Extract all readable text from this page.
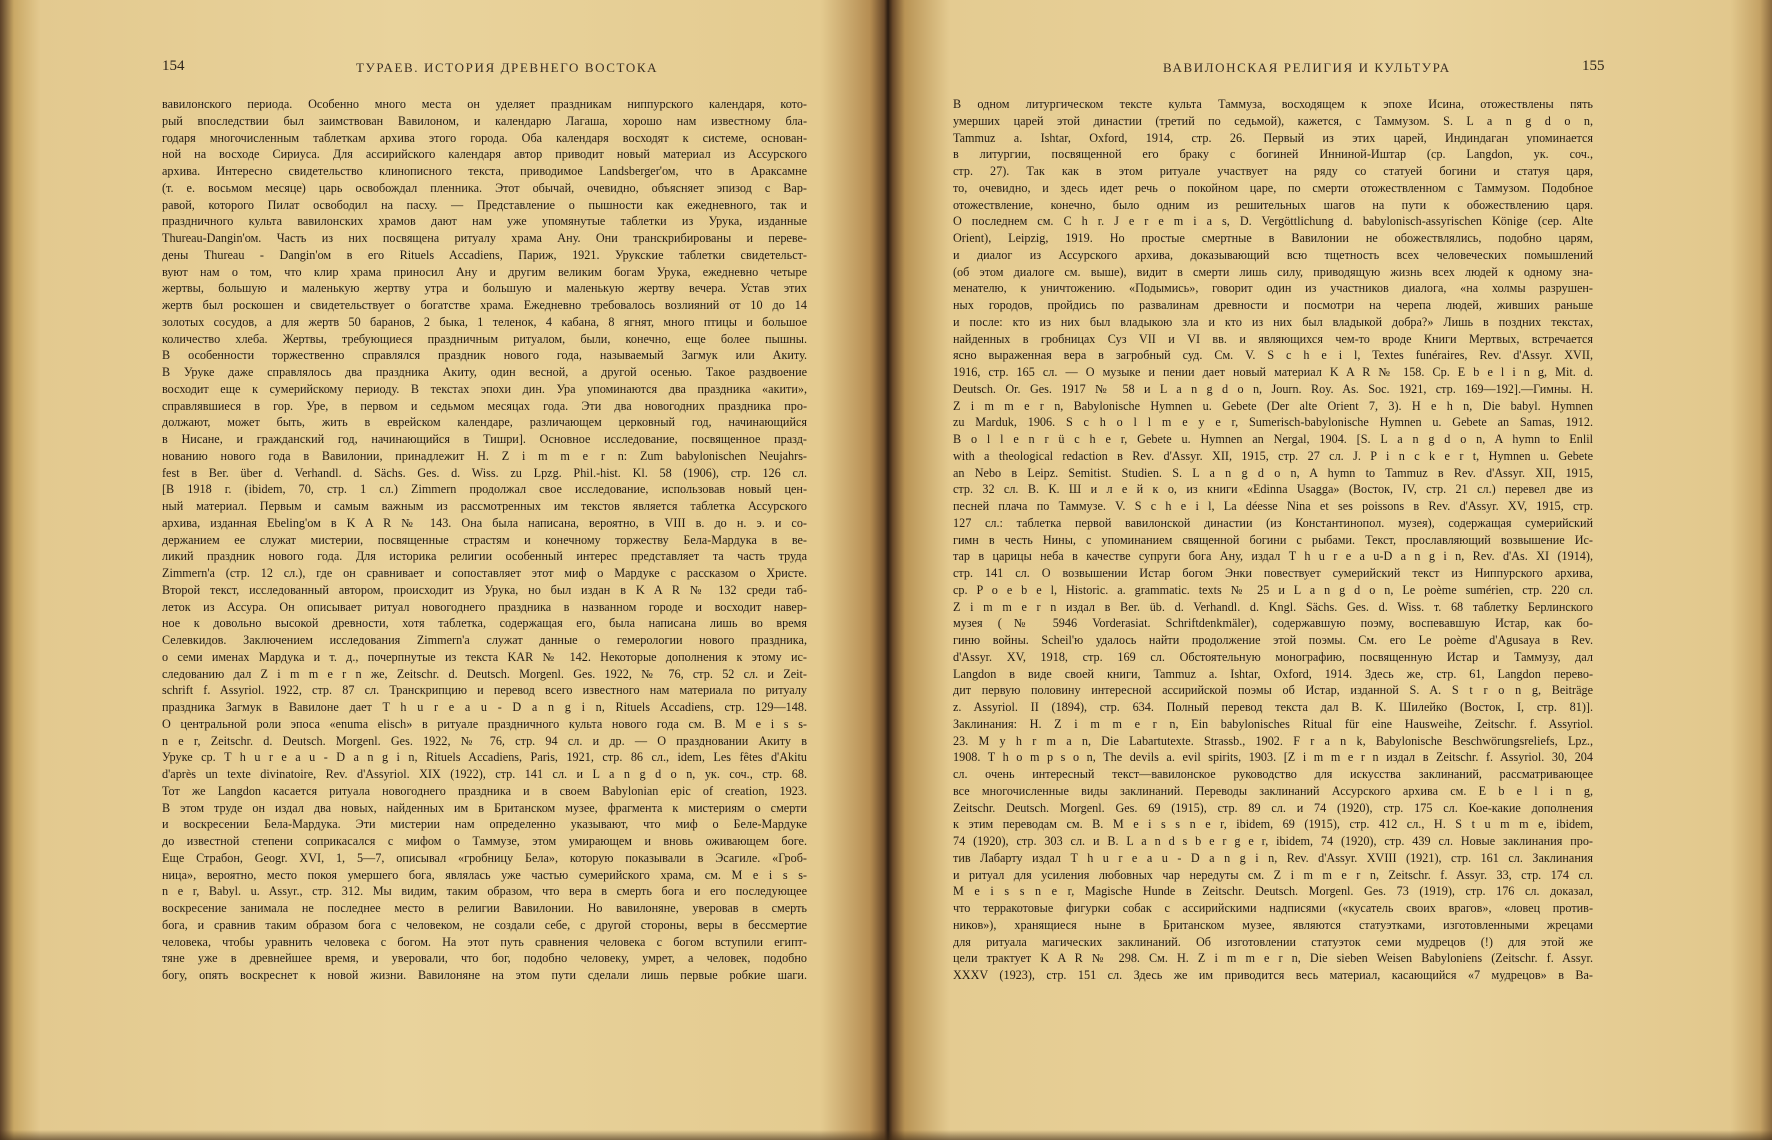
154	ТУРАЕВ. ИСТОРИЯ ДРЕВНЕГО ВОСТОКА
вавилонского периода. Особенно много места он уделяет праздникам ниппурского календаря, кото-
рый впоследствии был заимствован Вавилоном, и календарю Лагаша, хорошо нам известному бла-
годаря многочисленным таблеткам архива этого города. Оба календаря восходят к системе, основан-
ной на восходе Сириуса. Для ассирийского календаря автор приводит новый материал из Ассурского
архива. Интересно свидетельство клинописного текста, приводимое Landsberger'ом, что в Араксамне
(т. е. восьмом месяце) царь освобождал пленника. Этот обычай, очевидно, объясняет эпизод с Вар-
равой, которого Пилат освободил на пасху. — Представление о пышности как ежедневного, так и
праздничного культа вавилонских храмов дают нам уже упомянутые таблетки из Урука, изданные
Thureau-Dangin'ом. Часть из них посвящена ритуалу храма Ану. Они транскрибированы и переве-
дены Thureau - Dangin'ом в его Rituels Accadiens, Париж, 1921. Урукские таблетки свидетельст-
вуют нам о том, что клир храма приносил Ану и другим великим богам Урука, ежедневно четыре
жертвы, большую и маленькую жертву утра и большую и маленькую жертву вечера. Устав этих
жертв был роскошен и свидетельствует о богатстве храма. Ежедневно требовалось возлияний от 10 до 14
золотых сосудов, а для жертв 50 баранов, 2 быка, 1 теленок, 4 кабана, 8 ягнят, много птицы и большое
количество хлеба. Жертвы, требующиеся праздничным ритуалом, были, конечно, еще более пышны.
В особенности торжественно справлялся праздник нового года, называемый Загмук или Акиту.
В Уруке даже справлялось два праздника Акиту, один весной, а другой осенью. Такое раздвоение
восходит еще к сумерийскому периоду. В текстах эпохи дин. Ура упоминаются два праздника «акити»,
справлявшиеся в гор. Уре, в первом и седьмом месяцах года. Эти два новогодних праздника про-
должают, может быть, жить в еврейском календаре, различающем церковный год, начинающийся
в Нисане, и гражданский год, начинающийся в Тишри]. Основное исследование, посвященное празд-
нованию нового года в Вавилонии, принадлежит H. Z i m m e r n: Zum babylonischen Neujahrs-
fest в Ber. über d. Verhandl. d. Sächs. Ges. d. Wiss. zu Lpzg. Phil.-hist. Kl. 58 (1906), стр. 126 сл.
[В 1918 г. (ibidem, 70, стр. 1 сл.) Zimmern продолжал свое исследование, использовав новый цен-
ный материал. Первым и самым важным из рассмотренных им текстов является таблетка Ассурского
архива, изданная Ebeling'ом в K A R № 143. Она была написана, вероятно, в VIII в. до н. э. и со-
держанием ее служат мистерии, посвященные страстям и конечному торжеству Бела-Мардука в ве-
ликий праздник нового года. Для историка религии особенный интерес представляет та часть труда
Zimmern'а (стр. 12 сл.), где он сравнивает и сопоставляет этот миф о Мардуке с рассказом о Христе.
Второй текст, исследованный автором, происходит из Урука, но был издан в K A R № 132 среди таб-
леток из Ассура. Он описывает ритуал новогоднего праздника в названном городе и восходит навер-
ное к довольно высокой древности, хотя таблетка, содержащая его, была написана лишь во время
Селевкидов. Заключением исследования Zimmern'а служат данные о гемерологии нового праздника,
о семи именах Мардука и т. д., почерпнутые из текста KAR № 142. Некоторые дополнения к этому ис-
следованию дал Z i m m e r n же, Zeitschr. d. Deutsch. Morgenl. Ges. 1922, № 76, стр. 52 сл. и Zeit-
schrift f. Assyriol. 1922, стр. 87 сл. Транскрипцию и перевод всего известного нам материала по ритуалу
праздника Загмук в Вавилоне дает T h u r e a u - D a n g i n, Rituels Accadiens, стр. 129—148.
О центральной роли эпоса «enuma elisch» в ритуале праздничного культа нового года см. B. M e i s s-
n e r, Zeitschr. d. Deutsch. Morgenl. Ges. 1922, № 76, стр. 94 сл. и др. — О праздновании Акиту в
Уруке ср. T h u r e a u - D a n g i n, Rituels Accadiens, Paris, 1921, стр. 86 сл., idem, Les fêtes d'Akitu
d'après un texte divinatoire, Rev. d'Assyriol. XIX (1922), стр. 141 сл. и L a n g d o n, ук. соч., стр. 68.
Тот же Langdon касается ритуала новогоднего праздника и в своем Babylonian epic of creation, 1923.
В этом труде он издал два новых, найденных им в Британском музее, фрагмента к мистериям о смерти
и воскресении Бела-Мардука. Эти мистерии нам определенно указывают, что миф о Беле-Мардуке
до известной степени соприкасался с мифом о Таммузе, этом умирающем и вновь оживающем боге.
Еще Страбон, Geogr. XVI, 1, 5—7, описывал «гробницу Бела», которую показывали в Эсагиле. «Гроб-
ница», вероятно, место покоя умершего бога, являлась уже частью сумерийского храма, см. M e i s s-
n e r, Babyl. u. Assyr., стр. 312. Мы видим, таким образом, что вера в смерть бога и его последующее
воскресение занимала не последнее место в религии Вавилонии. Но вавилоняне, уверовав в смерть
бога, и сравнив таким образом бога с человеком, не создали себе, с другой стороны, веры в бессмертие
человека, чтобы уравнить человека с богом. На этот путь сравнения человека с богом вступили египт-
тяне уже в древнейшее время, и уверовали, что бог, подобно человеку, умрет, а человек, подобно
богу, опять воскреснет к новой жизни. Вавилоняне на этом пути сделали лишь первые робкие шаги.
ВАВИЛОНСКАЯ РЕЛИГИЯ И КУЛЬТУРА	155
В одном литургическом тексте культа Таммуза, восходящем к эпохе Исина, отожествлены пять
умерших царей этой династии (третий по седьмой), кажется, с Таммузом. S. L a n g d o n,
Tammuz a. Ishtar, Oxford, 1914, стр. 26. Первый из этих царей, Индиндаган упоминается
в литургии, посвященной его браку с богиней Инниной-Иштар (ср. Langdon, ук. соч.,
стр. 27). Так как в этом ритуале участвует на ряду со статуей богини и статуя царя,
то, очевидно, и здесь идет речь о покойном царе, по смерти отожествленном с Таммузом. Подобное
отожествление, конечно, было одним из решительных шагов на пути к обожествлению царя.
О последнем см. C h r. J e r e m i a s, D. Vergöttlichung d. babylonisch-assyrischen Könige (сер. Alte
Orient), Leipzig, 1919. Но простые смертные в Вавилонии не обожествлялись, подобно царям,
и диалог из Ассурского архива, доказывающий всю тщетность всех человеческих помышлений
(об этом диалоге см. выше), видит в смерти лишь силу, приводящую жизнь всех людей к одному зна-
менателю, к уничтожению. «Подымись», говорит один из участников диалога, «на холмы разрушен-
ных городов, пройдись по развалинам древности и посмотри на черепа людей, живших раньше
и после: кто из них был владыкою зла и кто из них был владыкой добра?» Лишь в поздних текстах,
найденных в гробницах Суз VII и VI вв. и являющихся чем-то вроде Книги Мертвых, встречается
ясно выраженная вера в загробный суд. См. V. S c h e i l, Textes funéraires, Rev. d'Assyr. XVII,
1916, стр. 165 сл. — О музыке и пении дает новый материал K A R № 158. Ср. E b e l i n g, Mit. d.
Deutsch. Or. Ges. 1917 № 58 и L a n g d o n, Journ. Roy. As. Soc. 1921, стр. 169—192].—Гимны. H.
Z i m m e r n, Babylonische Hymnen u. Gebete (Der alte Orient 7, 3). H e h n, Die babyl. Hymnen
zu Marduk, 1906. S c h o l l m e y e r, Sumerisch-babylonische Hymnen u. Gebete an Samas, 1912.
B o l l e n r ü c h e r, Gebete u. Hymnen an Nergal, 1904. [S. L a n g d o n, A hymn to Enlil
with a theological redaction в Rev. d'Assyr. XII, 1915, стр. 27 сл. J. P i n c k e r t, Hymnen u. Gebete
an Nebo в Leipz. Semitist. Studien. S. L a n g d o n, A hymn to Tammuz в Rev. d'Assyr. XII, 1915,
стр. 32 сл. В. К. Ш и л е й к о, из книги «Edinna Usagga» (Восток, IV, стр. 21 сл.) перевел две из
песней плача по Таммузе. V. S c h e i l, La déesse Nina et ses poissons в Rev. d'Assyr. XV, 1915, стр.
127 сл.: таблетка первой вавилонской династии (из Константинопол. музея), содержащая сумерийский
гимн в честь Нины, с упоминанием священной богини с рыбами. Текст, прославляющий возвышение Ис-
тар в царицы неба в качестве супруги бога Ану, издал T h u r e a u-D a n g i n, Rev. d'As. XI (1914),
стр. 141 сл. О возвышении Истар богом Энки повествует сумерийский текст из Ниппурского архива,
ср. P o e b e l, Historic. a. grammatic. texts № 25 и L a n g d o n, Le poème sumérien, стр. 220 сл.
Z i m m e r n издал в Ber. üb. d. Verhandl. d. Kngl. Sächs. Ges. d. Wiss. т. 68 таблетку Берлинского
музея (№ 5946 Vorderasiat. Schriftdenkmäler), содержавшую поэму, воспевавшую Истар, как бо-
гиню войны. Scheil'ю удалось найти продолжение этой поэмы. См. его Le poème d'Agusaya в Rev.
d'Assyr. XV, 1918, стр. 169 сл. Обстоятельную монографию, посвященную Истар и Таммузу, дал
Langdon в виде своей книги, Tammuz a. Ishtar, Oxford, 1914. Здесь же, стр. 61, Langdon перево-
дит первую половину интересной ассирийской поэмы об Истар, изданной S. A. S t r o n g, Beiträge
z. Assyriol. II (1894), стр. 634. Полный перевод текста дал В. К. Шилейко (Восток, I, стр. 81)].
Заклинания: H. Z i m m e r n, Ein babylonisches Ritual für eine Hausweihe, Zeitschr. f. Assyriol.
23. M y h r m a n, Die Labartutexte. Strassb., 1902. F r a n k, Babylonische Beschwörungsreliefs, Lpz.,
1908. T h o m p s o n, The devils a. evil spirits, 1903. [Z i m m e r n издал в Zeitschr. f. Assyriol. 30, 204
сл. очень интересный текст—вавилонское руководство для искусства заклинаний, рассматривающее
все многочисленные виды заклинаний. Переводы заклинаний Ассурского архива см. E b e l i n g,
Zeitschr. Deutsch. Morgenl. Ges. 69 (1915), стр. 89 сл. и 74 (1920), стр. 175 сл. Кое-какие дополнения
к этим переводам см. B. M e i s s n e r, ibidem, 69 (1915), стр. 412 сл., H. S t u m m e, ibidem,
74 (1920), стр. 303 сл. и B. L a n d s b e r g e r, ibidem, 74 (1920), стр. 439 сл. Новые заклинания про-
тив Лабарту издал T h u r e a u - D a n g i n, Rev. d'Assyr. XVIII (1921), стр. 161 сл. Заклинания
и ритуал для усиления любовных чар нередуты см. Z i m m e r n, Zeitschr. f. Assyr. 33, стр. 174 сл.
M e i s s n e r, Magische Hunde в Zeitschr. Deutsch. Morgenl. Ges. 73 (1919), стр. 176 сл. доказал,
что терракотовые фигурки собак с ассирийскими надписями («кусатель своих врагов», «ловец против-
ников»), хранящиеся ныне в Британском музее, являются статуэтками, изготовленными жрецами
для ритуала магических заклинаний. Об изготовлении статуэток семи мудрецов (!) для этой же
цели трактует K A R № 298. См. H. Z i m m e r n, Die sieben Weisen Babyloniens (Zeitschr. f. Assyr.
XXXV (1923), стр. 151 сл. Здесь же им приводится весь материал, касающийся «7 мудрецов» в Ва-
